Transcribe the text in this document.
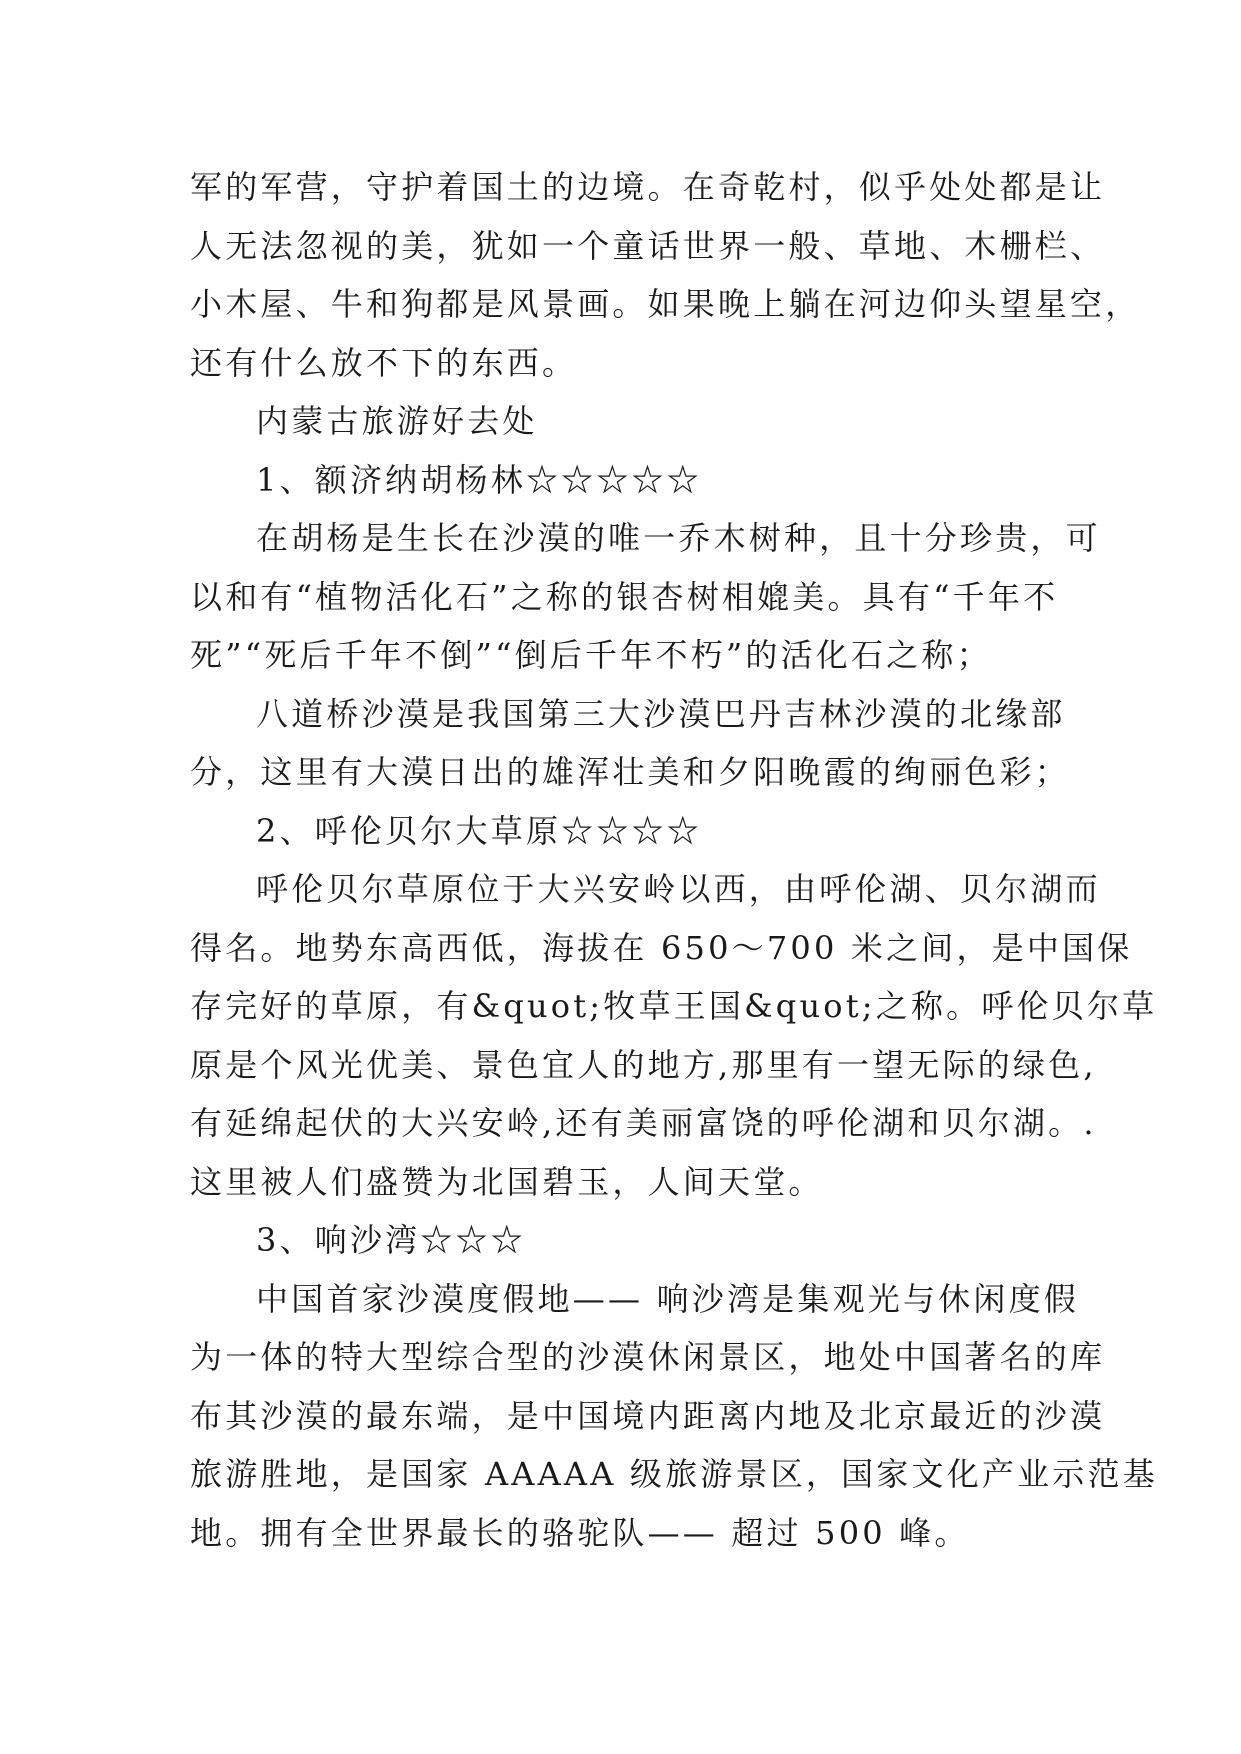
军的军营，守护着国土的边境。在奇乾村，似乎处处都是让
人无法忽视的美，犹如一个童话世界一般、草地、木栅栏、
小木屋、牛和狗都是风景画。如果晚上躺在河边仰头望星空，
还有什么放不下的东西。
内蒙古旅游好去处
1、额济纳胡杨林☆☆☆☆☆
在胡杨是生长在沙漠的唯一乔木树种，且十分珍贵，可
以和有“植物活化石”之称的银杏树相媲美。具有“千年不
死”“死后千年不倒”“倒后千年不朽”的活化石之称；
八道桥沙漠是我国第三大沙漠巴丹吉林沙漠的北缘部
分，这里有大漠日出的雄浑壮美和夕阳晚霞的绚丽色彩；
2、呼伦贝尔大草原☆☆☆☆
呼伦贝尔草原位于大兴安岭以西，由呼伦湖、贝尔湖而
得名。地势东高西低，海拔在 650～700 米之间，是中国保
存完好的草原，有&quot;牧草王国&quot;之称。呼伦贝尔草
原是个风光优美、景色宜人的地方,那里有一望无际的绿色,
有延绵起伏的大兴安岭,还有美丽富饶的呼伦湖和贝尔湖。.
这里被人们盛赞为北国碧玉，人间天堂。
3、响沙湾☆☆☆
中国首家沙漠度假地—— 响沙湾是集观光与休闲度假
为一体的特大型综合型的沙漠休闲景区，地处中国著名的库
布其沙漠的最东端，是中国境内距离内地及北京最近的沙漠
旅游胜地，是国家 AAAAA 级旅游景区，国家文化产业示范基
地。拥有全世界最长的骆驼队—— 超过 500 峰。
